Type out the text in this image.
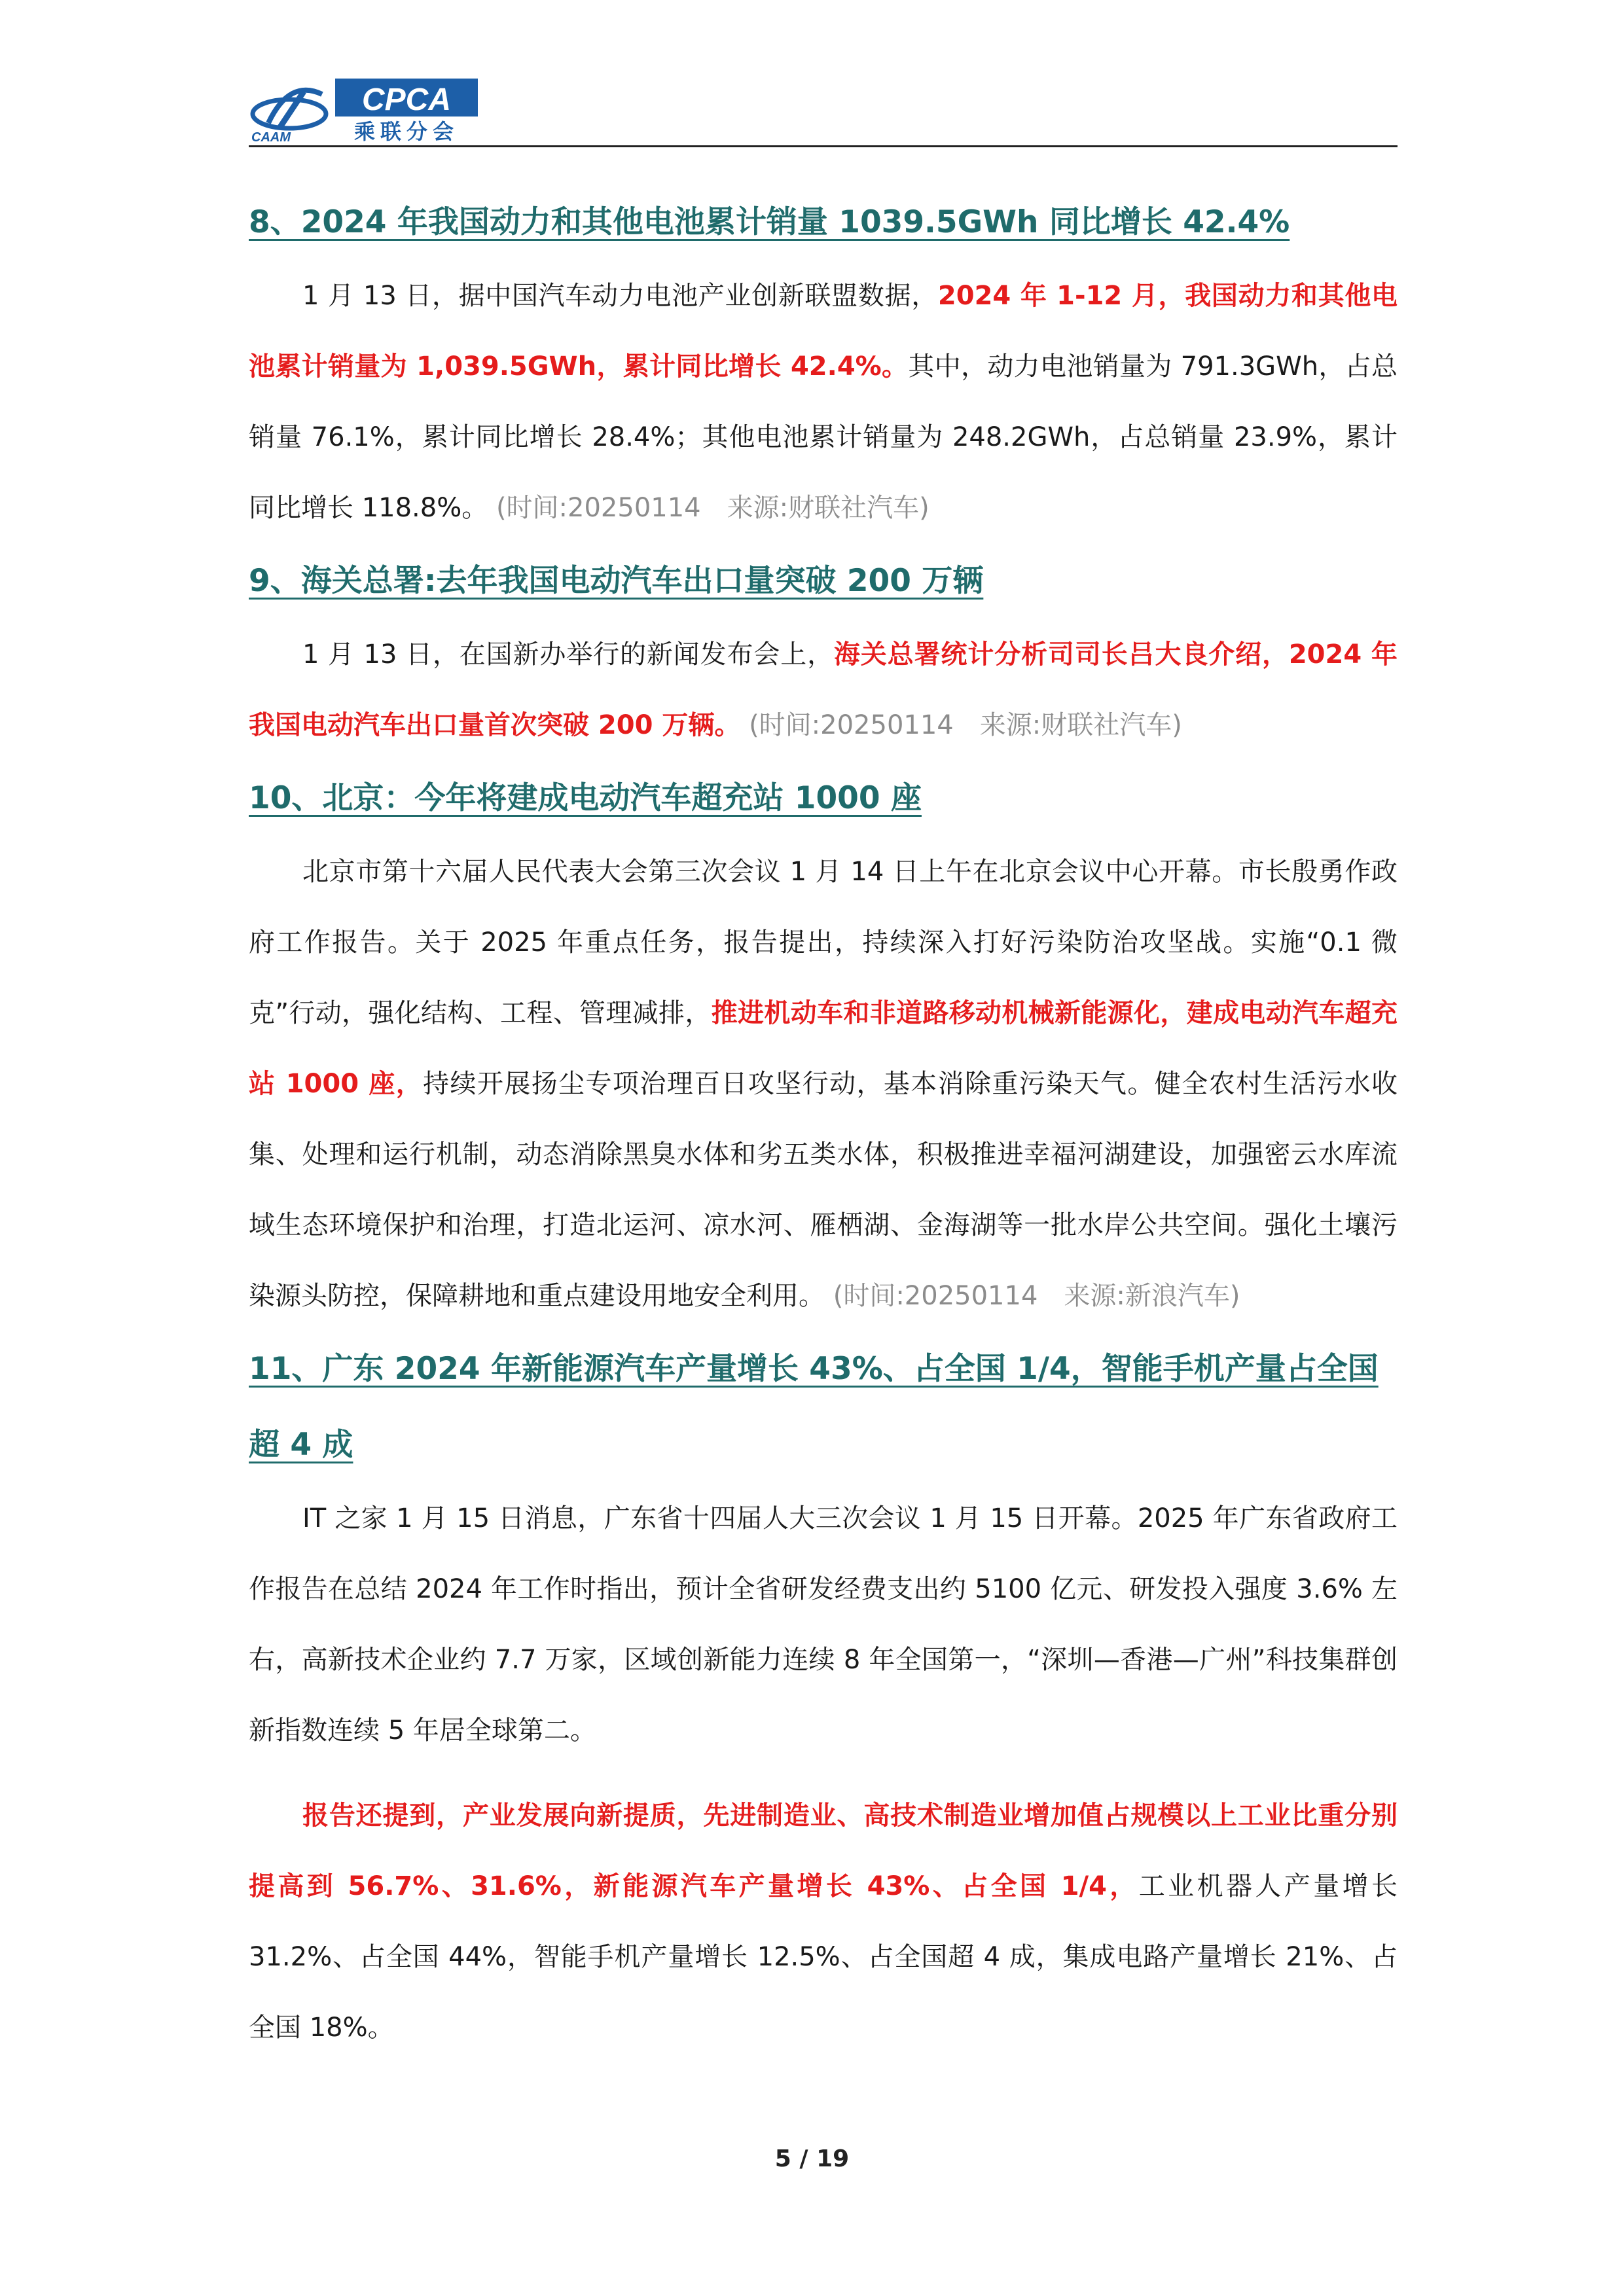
CAAM
CPCA
乘联分会
8、2024 年我国动力和其他电池累计销量 1039.5GWh 同比增长 42.4%

1 月 13 日，据中国汽车动力电池产业创新联盟数据，2024 年 1-12 月，我国动力和其他电池累计销量为 1,039.5GWh，累计同比增长 42.4%。其中，动力电池销量为 791.3GWh，占总销量 76.1%，累计同比增长 28.4%；其他电池累计销量为 248.2GWh，占总销量 23.9%，累计同比增长 118.8%。 (时间:20250114　来源:财联社汽车)

9、海关总署:去年我国电动汽车出口量突破 200 万辆

1 月 13 日，在国新办举行的新闻发布会上，海关总署统计分析司司长吕大良介绍，2024 年我国电动汽车出口量首次突破 200 万辆。 (时间:20250114　来源:财联社汽车)

10、北京：今年将建成电动汽车超充站 1000 座

北京市第十六届人民代表大会第三次会议 1 月 14 日上午在北京会议中心开幕。市长殷勇作政府工作报告。关于 2025 年重点任务，报告提出，持续深入打好污染防治攻坚战。实施“0.1 微克”行动，强化结构、工程、管理减排，推进机动车和非道路移动机械新能源化，建成电动汽车超充站 1000 座，持续开展扬尘专项治理百日攻坚行动，基本消除重污染天气。健全农村生活污水收集、处理和运行机制，动态消除黑臭水体和劣五类水体，积极推进幸福河湖建设，加强密云水库流域生态环境保护和治理，打造北运河、凉水河、雁栖湖、金海湖等一批水岸公共空间。强化土壤污染源头防控，保障耕地和重点建设用地安全利用。 (时间:20250114　来源:新浪汽车)

11、广东 2024 年新能源汽车产量增长 43%、占全国 1/4，智能手机产量占全国超 4 成

IT 之家 1 月 15 日消息，广东省十四届人大三次会议 1 月 15 日开幕。2025 年广东省政府工作报告在总结 2024 年工作时指出，预计全省研发经费支出约 5100 亿元、研发投入强度 3.6% 左右，高新技术企业约 7.7 万家，区域创新能力连续 8 年全国第一，“深圳—香港—广州”科技集群创新指数连续 5 年居全球第二。

报告还提到，产业发展向新提质，先进制造业、高技术制造业增加值占规模以上工业比重分别提高到 56.7%、31.6%，新能源汽车产量增长 43%、占全国 1/4，工业机器人产量增长 31.2%、占全国 44%，智能手机产量增长 12.5%、占全国超 4 成，集成电路产量增长 21%、占全国 18%。

5 / 19
